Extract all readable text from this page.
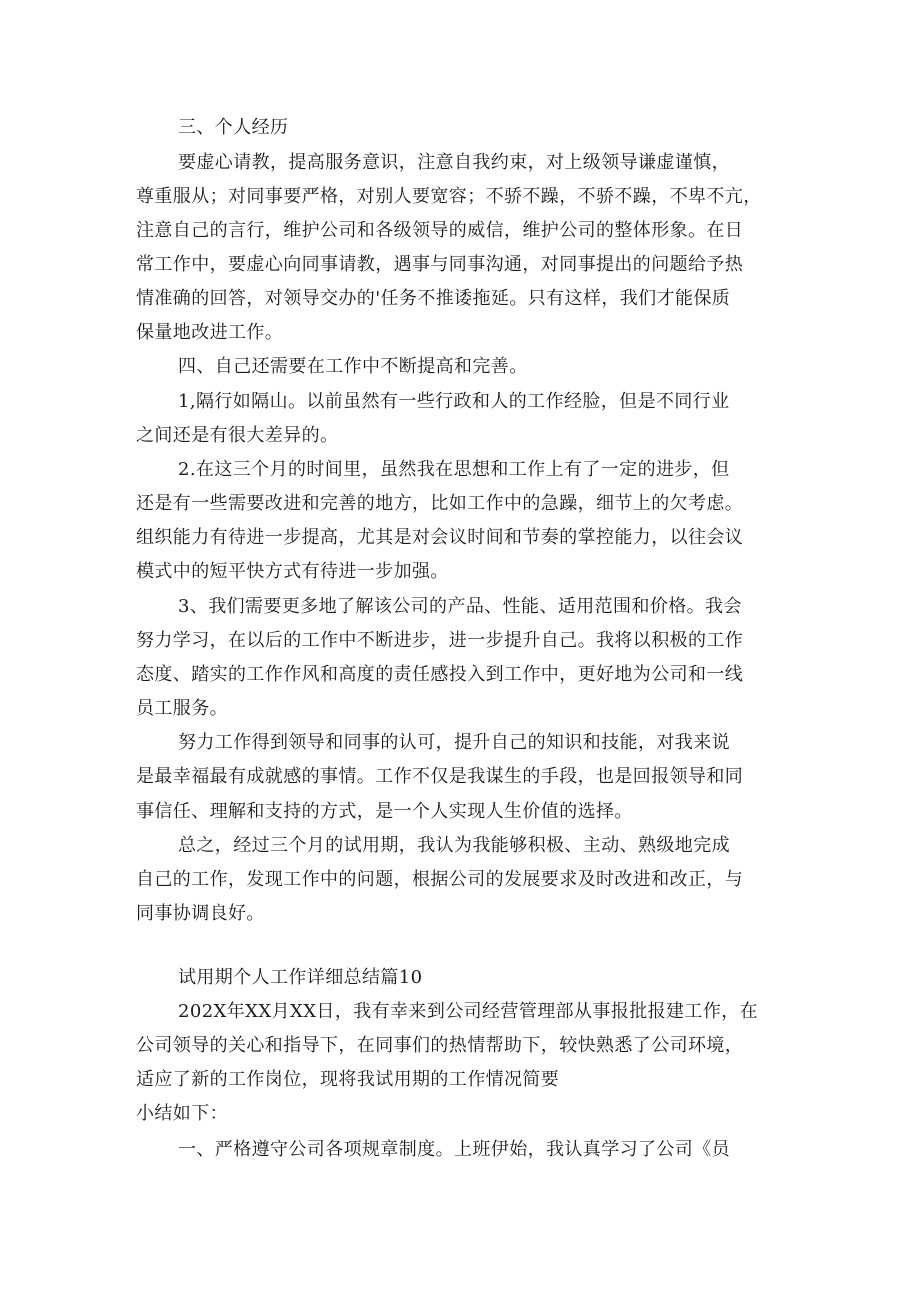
三、个人经历
要虚心请教，提高服务意识，注意自我约束，对上级领导谦虚谨慎，
尊重服从；对同事要严格，对别人要宽容；不骄不躁，不骄不躁，不卑不亢，
注意自己的言行，维护公司和各级领导的威信，维护公司的整体形象。在日
常工作中，要虚心向同事请教，遇事与同事沟通，对同事提出的问题给予热
情准确的回答，对领导交办的'任务不推诿拖延。只有这样，我们才能保质
保量地改进工作。
四、自己还需要在工作中不断提高和完善。
1,隔行如隔山。以前虽然有一些行政和人的工作经脸，但是不同行业
之间还是有很大差异的。
2.在这三个月的时间里，虽然我在思想和工作上有了一定的进步，但
还是有一些需要改进和完善的地方，比如工作中的急躁，细节上的欠考虑。
组织能力有待进一步提高，尤其是对会议时间和节奏的掌控能力，以往会议
模式中的短平快方式有待进一步加强。
3、我们需要更多地了解该公司的产品、性能、适用范围和价格。我会
努力学习，在以后的工作中不断进步，进一步提升自己。我将以积极的工作
态度、踏实的工作作风和高度的责任感投入到工作中，更好地为公司和一线
员工服务。
努力工作得到领导和同事的认可，提升自己的知识和技能，对我来说
是最幸福最有成就感的事情。工作不仅是我谋生的手段，也是回报领导和同
事信任、理解和支持的方式，是一个人实现人生价值的选择。
总之，经过三个月的试用期，我认为我能够积极、主动、熟级地完成
自己的工作，发现工作中的问题，根据公司的发展要求及时改进和改正，与
同事协调良好。
试用期个人工作详细总结篇10
202X年XX月XX日，我有幸来到公司经营管理部从事报批报建工作，在
公司领导的关心和指导下，在同事们的热情帮助下，较快熟悉了公司环境，
适应了新的工作岗位，现将我试用期的工作情况简要
小结如下：
一、严格遵守公司各项规章制度。上班伊始，我认真学习了公司《员
